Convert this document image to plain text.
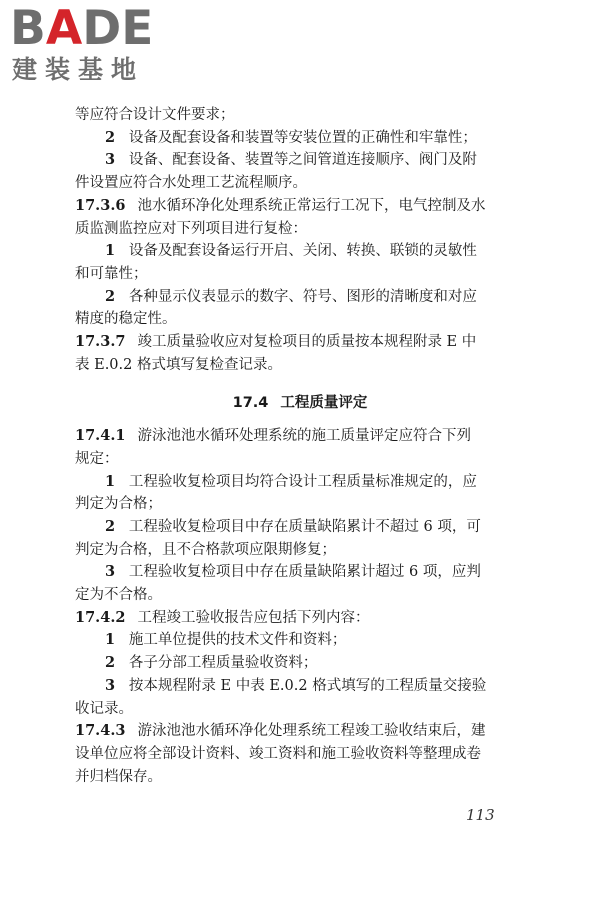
BADE
建装基地

等应符合设计文件要求；

2 设备及配套设备和装置等安装位置的正确性和牢靠性；

3 设备、配套设备、装置等之间管道连接顺序、阀门及附

件设置应符合水处理工艺流程顺序。

17.3.6 池水循环净化处理系统正常运行工况下，电气控制及水

质监测监控应对下列项目进行复检：

1 设备及配套设备运行开启、关闭、转换、联锁的灵敏性

和可靠性；

2 各种显示仪表显示的数字、符号、图形的清晰度和对应

精度的稳定性。

17.3.7 竣工质量验收应对复检项目的质量按本规程附录 E 中

表 E.0.2 格式填写复检查记录。

17.4 工程质量评定

17.4.1 游泳池池水循环处理系统的施工质量评定应符合下列

规定：

1 工程验收复检项目均符合设计工程质量标准规定的，应

判定为合格；

2 工程验收复检项目中存在质量缺陷累计不超过 6 项，可

判定为合格，且不合格款项应限期修复；

3 工程验收复检项目中存在质量缺陷累计超过 6 项，应判

定为不合格。

17.4.2 工程竣工验收报告应包括下列内容：

1 施工单位提供的技术文件和资料；

2 各子分部工程质量验收资料；

3 按本规程附录 E 中表 E.0.2 格式填写的工程质量交接验

收记录。

17.4.3 游泳池池水循环净化处理系统工程竣工验收结束后，建

设单位应将全部设计资料、竣工资料和施工验收资料等整理成卷

并归档保存。

113
